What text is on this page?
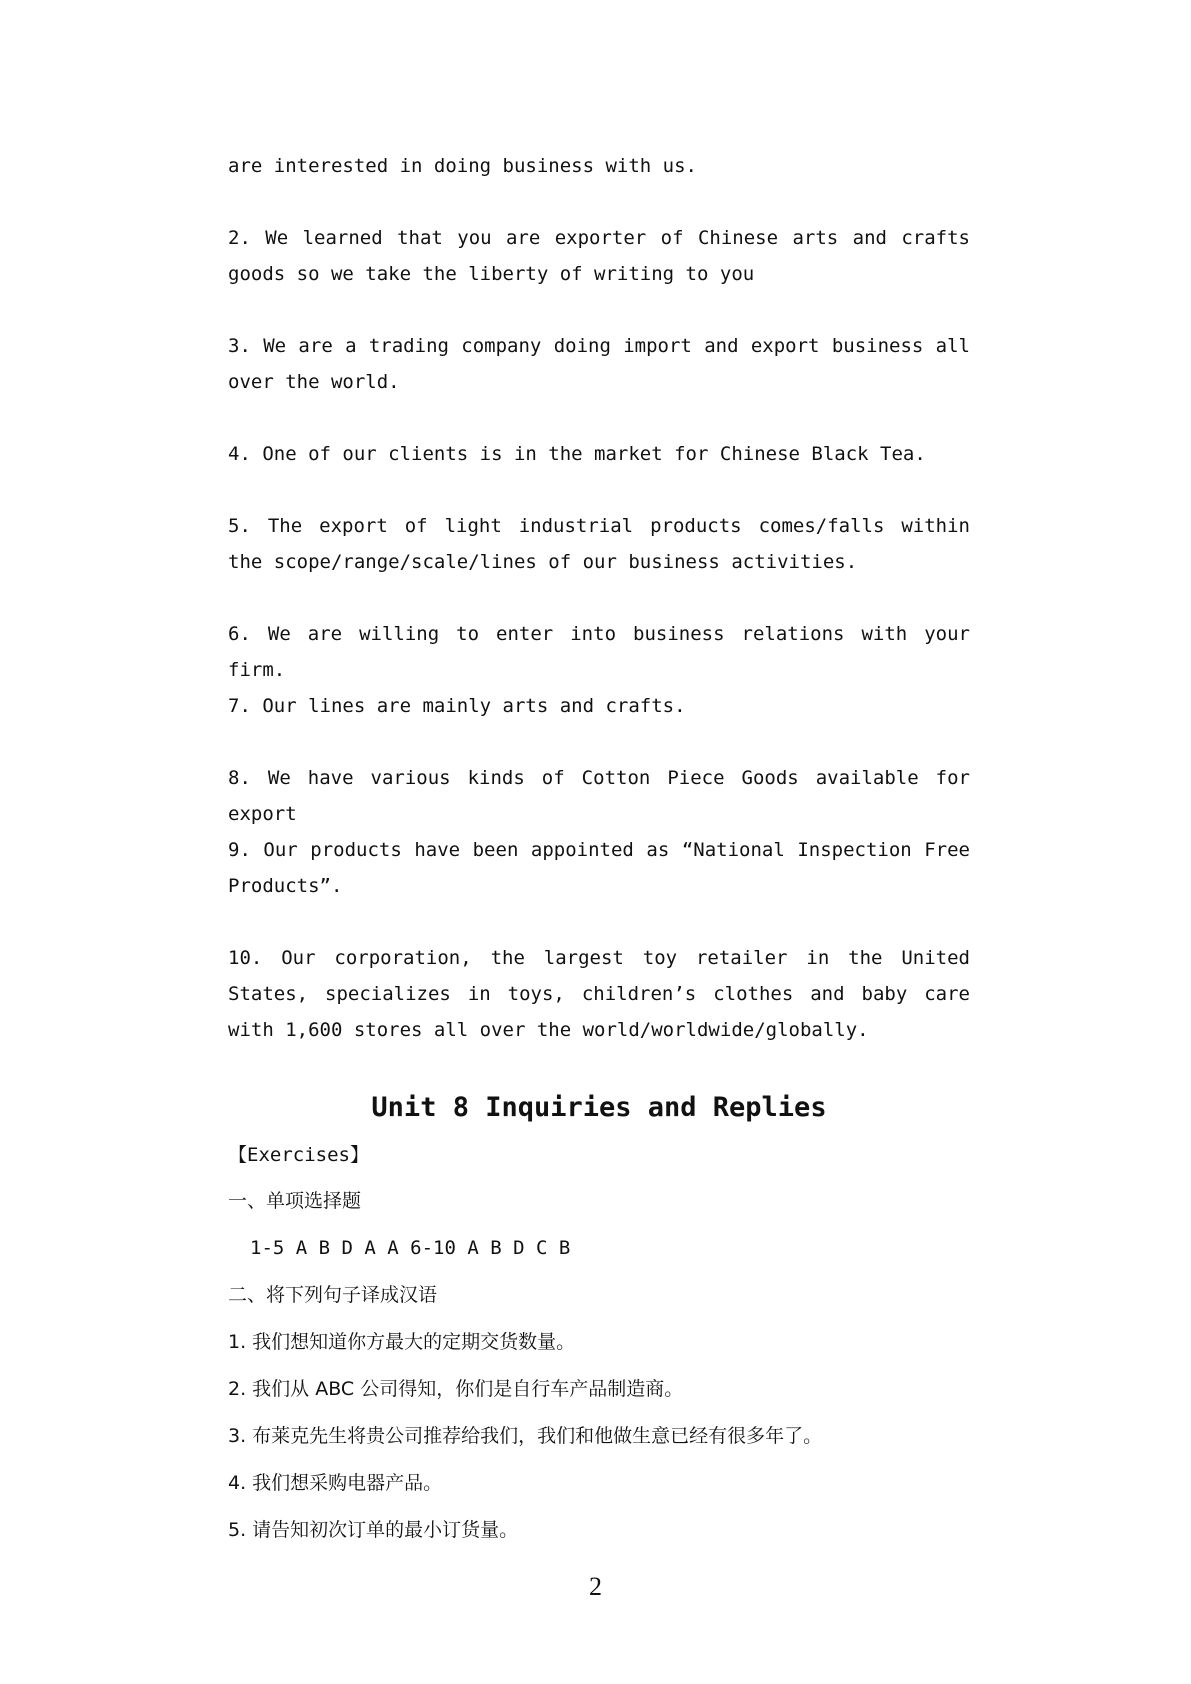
are interested in doing business with us.

2. We learned that you are exporter of Chinese arts and crafts goods so we take the liberty of writing to you

3. We are a trading company doing import and export business all over the world.

4. One of our clients is in the market for Chinese Black Tea.

5. The export of light industrial products comes/falls within the scope/range/scale/lines of our business activities.

6. We are willing to enter into business relations with your firm.

7. Our lines are mainly arts and crafts.

8. We have various kinds of Cotton Piece Goods available for export

9. Our products have been appointed as “National Inspection Free Products”.

10. Our corporation, the largest toy retailer in the United States, specializes in toys, children’s clothes and baby care with 1,600 stores all over the world/worldwide/globally.

Unit 8 Inquiries and Replies

【Exercises】

一、单项选择题

1-5 A B D A A 6-10 A B D C B

二、将下列句子译成汉语

1. 我们想知道你方最大的定期交货数量。

2. 我们从 ABC 公司得知，你们是自行车产品制造商。

3. 布莱克先生将贵公司推荐给我们，我们和他做生意已经有很多年了。

4. 我们想采购电器产品。

5. 请告知初次订单的最小订货量。

2
